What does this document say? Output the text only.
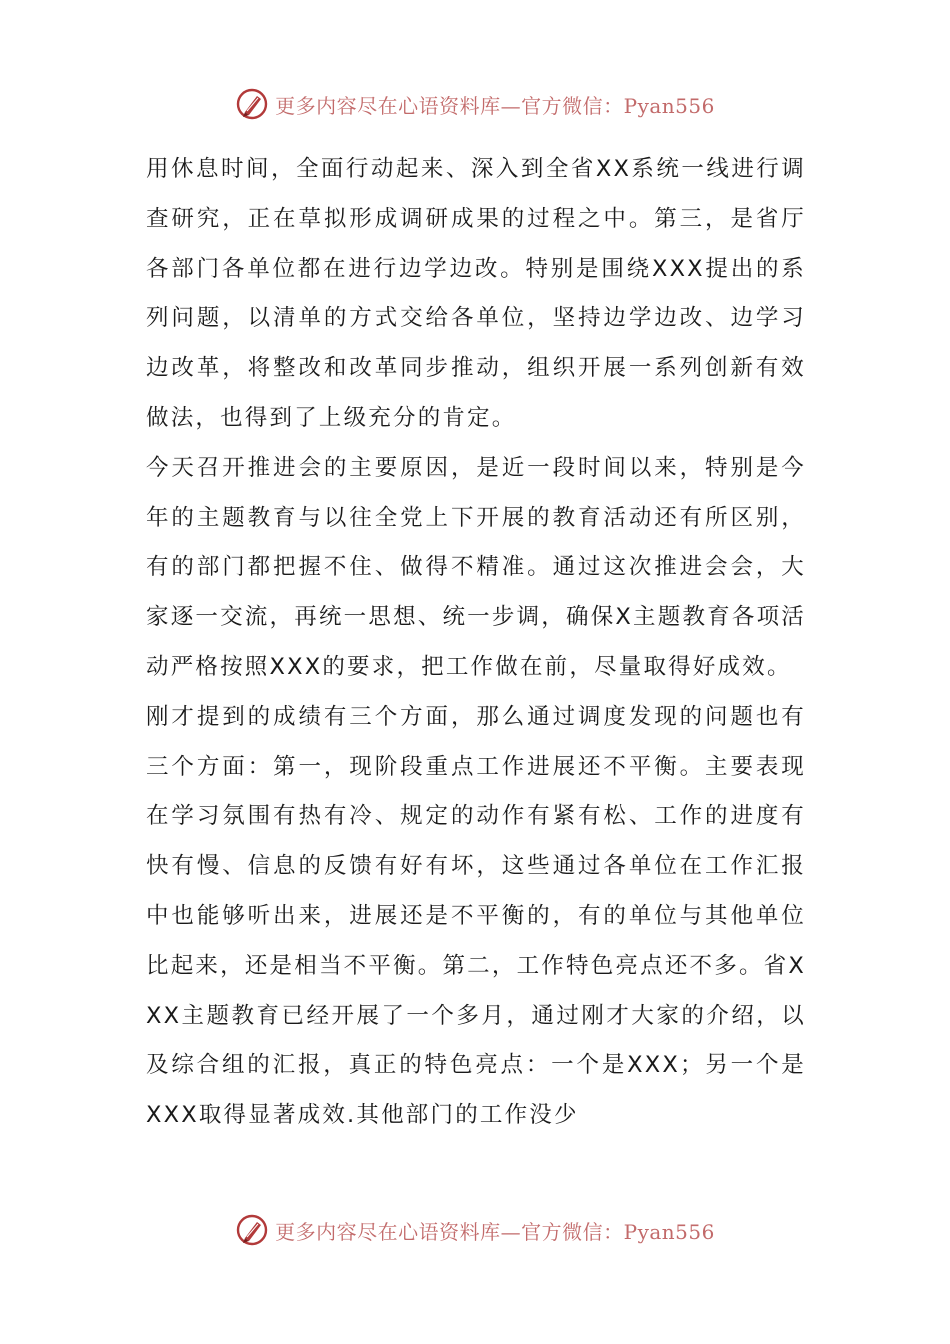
更多内容尽在心语资料库—官方微信：Pyan556

用休息时间，全面行动起来、深入到全省XX系统一线进行调查研究，正在草拟形成调研成果的过程之中。第三，是省厅各部门各单位都在进行边学边改。特别是围绕XXX提出的系列问题，以清单的方式交给各单位，坚持边学边改、边学习边改革，将整改和改革同步推动，组织开展一系列创新有效做法，也得到了上级充分的肯定。

今天召开推进会的主要原因，是近一段时间以来，特别是今年的主题教育与以往全党上下开展的教育活动还有所区别，有的部门都把握不住、做得不精准。通过这次推进会会，大家逐一交流，再统一思想、统一步调，确保X主题教育各项活动严格按照XXX的要求，把工作做在前，尽量取得好成效。

刚才提到的成绩有三个方面，那么通过调度发现的问题也有三个方面：第一，现阶段重点工作进展还不平衡。主要表现在学习氛围有热有冷、规定的动作有紧有松、工作的进度有快有慢、信息的反馈有好有坏，这些通过各单位在工作汇报中也能够听出来，进展还是不平衡的，有的单位与其他单位比起来，还是相当不平衡。第二，工作特色亮点还不多。省XXX主题教育已经开展了一个多月，通过刚才大家的介绍，以及综合组的汇报，真正的特色亮点：一个是XXX；另一个是XXX取得显著成效.其他部门的工作没少

更多内容尽在心语资料库—官方微信：Pyan556
